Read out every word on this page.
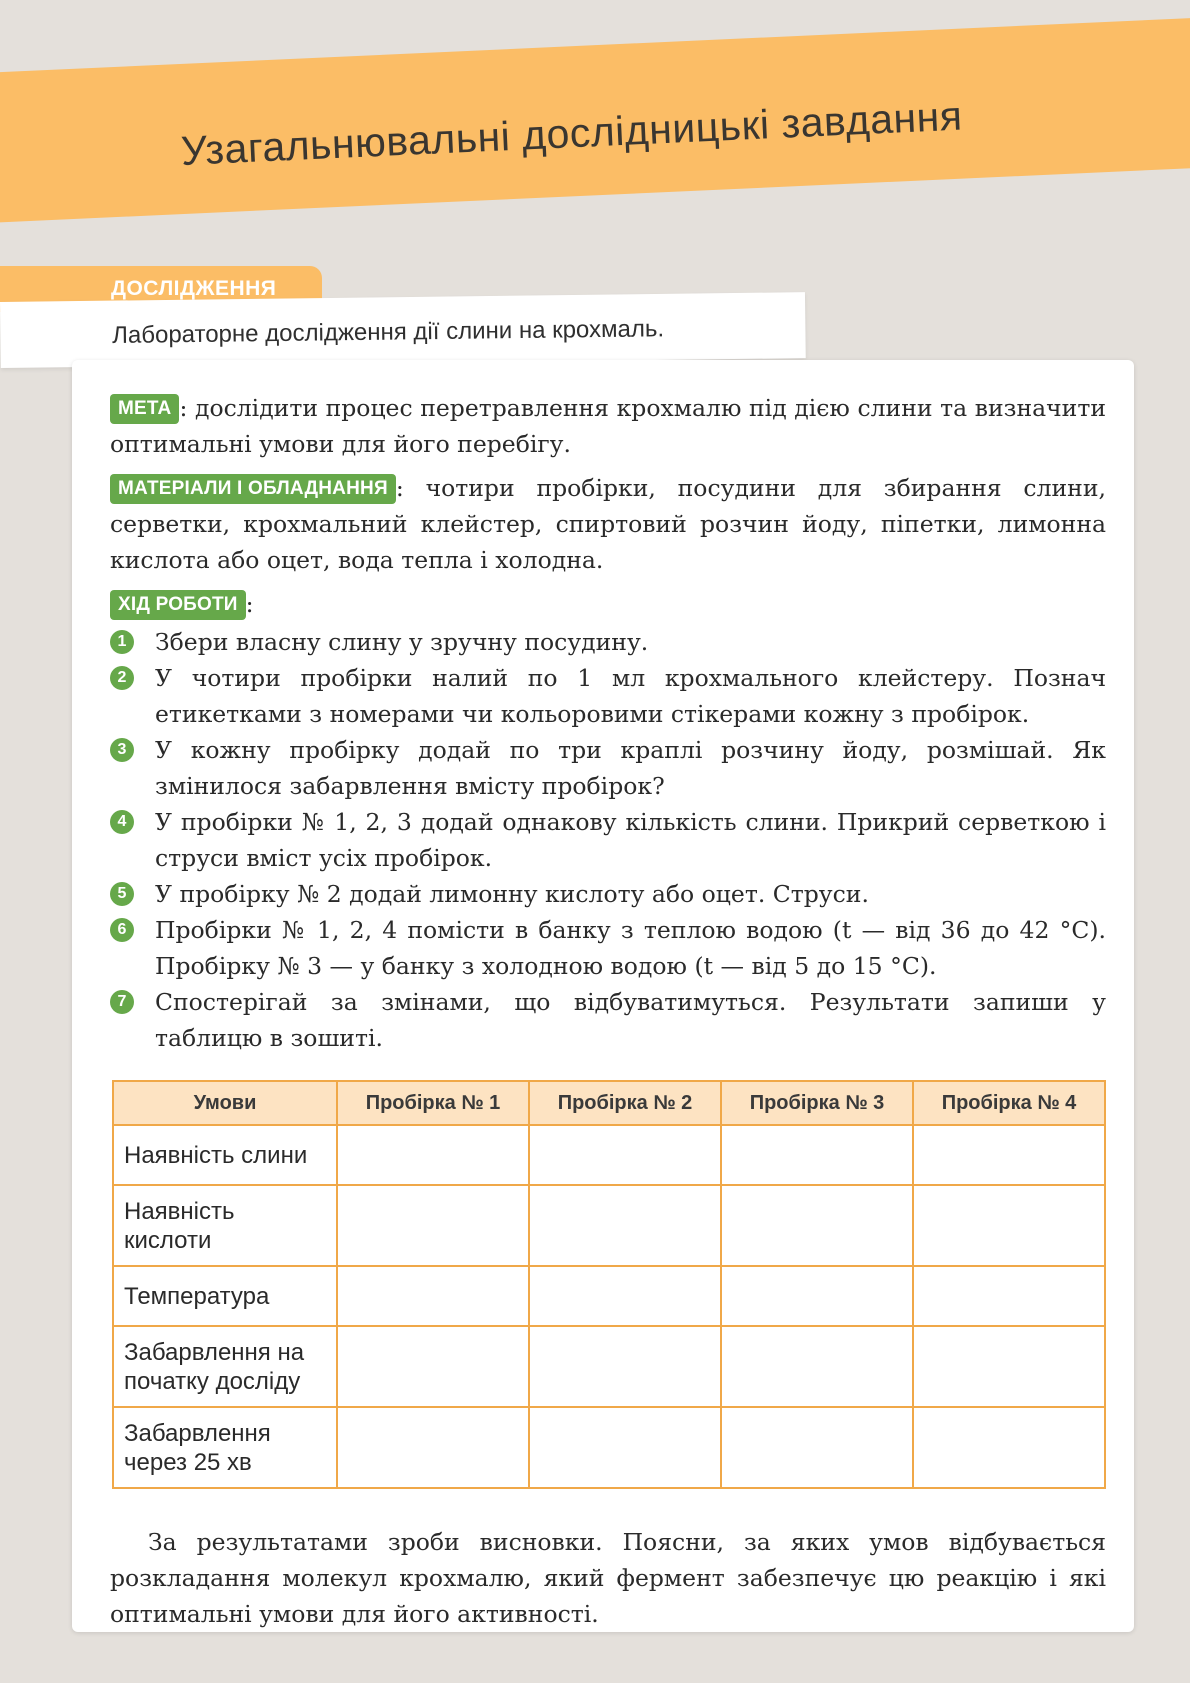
Узагальнювальні дослідницькі завдання
ДОСЛІДЖЕННЯ
Лабораторне дослідження дії слини на крохмаль.

МЕТА : дослідити процес перетравлення крохмалю під дією слини та визначити оптимальні умови для його перебігу.

МАТЕРІАЛИ І ОБЛАДНАННЯ : чотири пробірки, посудини для збирання слини, серветки, крохмальний клейстер, спиртовий розчин йоду, піпетки, лимонна кислота або оцет, вода тепла і холодна.

ХІД РОБОТИ :

1	Збери власну слину у зручну посудину.
2	У чотири пробірки налий по 1 мл крохмального клейстеру. Познач етикетками з номерами чи кольоровими стікерами кожну з пробірок.
3	У кожну пробірку додай по три краплі розчину йоду, розмішай. Як змінилося забарвлення вмісту пробірок?
4	У пробірки № 1, 2, 3 додай однакову кількість слини. Прикрий серветкою і струси вміст усіх пробірок.
5	У пробірку № 2 додай лимонну кислоту або оцет. Струси.
6	Пробірки № 1, 2, 4 помісти в банку з теплою водою (t — від 36 до 42 °C). Пробірку № 3 — у банку з холодною водою (t — від 5 до 15 °C).
7	Спостерігай за змінами, що відбуватимуться. Результати запиши у таблицю в зошиті.
Умови	Пробірка № 1	Пробірка № 2	Пробірка № 3	Пробірка № 4
Наявність слини				
Наявність кислоти				
Температура				
Забарвлення на початку досліду				
Забарвлення через 25 хв				

За результатами зроби висновки. Поясни, за яких умов відбувається розкладання молекул крохмалю, який фермент забезпечує цю реакцію і які оптимальні умови для його активності.
